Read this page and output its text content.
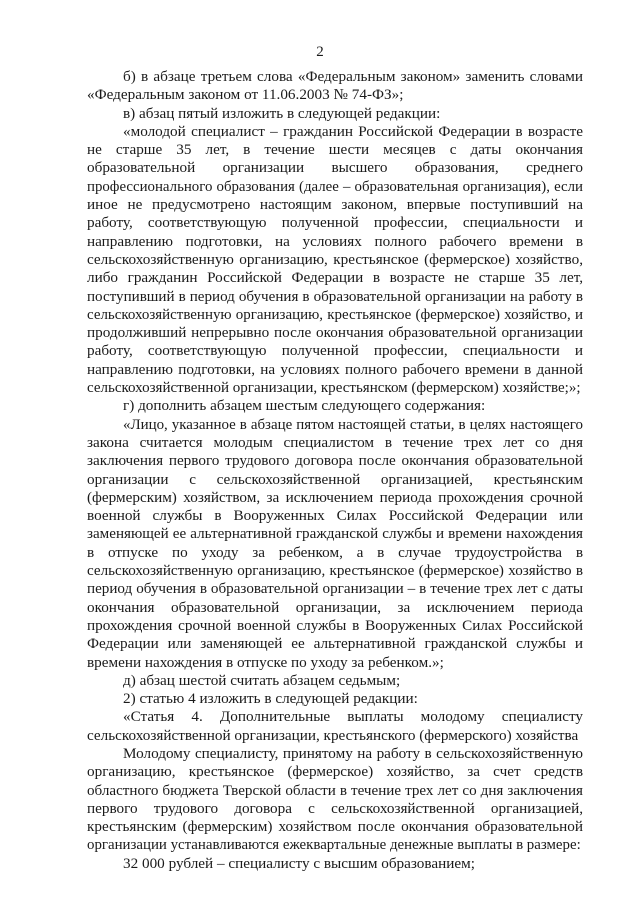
2
б) в абзаце третьем слова «Федеральным законом» заменить словами
«Федеральным законом от 11.06.2003 № 74-ФЗ»;
в) абзац пятый изложить в следующей редакции:
«молодой специалист – гражданин Российской Федерации в возрасте
не старше 35 лет, в течение шести месяцев с даты окончания
образовательной организации высшего образования, среднего
профессионального образования (далее – образовательная организация), если
иное не предусмотрено настоящим законом, впервые поступивший на
работу, соответствующую полученной профессии, специальности и
направлению подготовки, на условиях полного рабочего времени в
сельскохозяйственную организацию, крестьянское (фермерское) хозяйство,
либо гражданин Российской Федерации в возрасте не старше 35 лет,
поступивший в период обучения в образовательной организации на работу в
сельскохозяйственную организацию, крестьянское (фермерское) хозяйство, и
продолживший непрерывно после окончания образовательной организации
работу, соответствующую полученной профессии, специальности и
направлению подготовки, на условиях полного рабочего времени в данной
сельскохозяйственной организации, крестьянском (фермерском) хозяйстве;»;
г) дополнить абзацем шестым следующего содержания:
«Лицо, указанное в абзаце пятом настоящей статьи, в целях настоящего
закона считается молодым специалистом в течение трех лет со дня
заключения первого трудового договора после окончания образовательной
организации с сельскохозяйственной организацией, крестьянским
(фермерским) хозяйством, за исключением периода прохождения срочной
военной службы в Вооруженных Силах Российской Федерации или
заменяющей ее альтернативной гражданской службы и времени нахождения
в отпуске по уходу за ребенком, а в случае трудоустройства в
сельскохозяйственную организацию, крестьянское (фермерское) хозяйство в
период обучения в образовательной организации – в течение трех лет с даты
окончания образовательной организации, за исключением периода
прохождения срочной военной службы в Вооруженных Силах Российской
Федерации или заменяющей ее альтернативной гражданской службы и
времени нахождения в отпуске по уходу за ребенком.»;
д) абзац шестой считать абзацем седьмым;
2) статью 4 изложить в следующей редакции:
«Статья 4. Дополнительные выплаты молодому специалисту
сельскохозяйственной организации, крестьянского (фермерского) хозяйства
Молодому специалисту, принятому на работу в сельскохозяйственную
организацию, крестьянское (фермерское) хозяйство, за счет средств
областного бюджета Тверской области в течение трех лет со дня заключения
первого трудового договора с сельскохозяйственной организацией,
крестьянским (фермерским) хозяйством после окончания образовательной
организации устанавливаются ежеквартальные денежные выплаты в размере:
32 000 рублей – специалисту с высшим образованием;
